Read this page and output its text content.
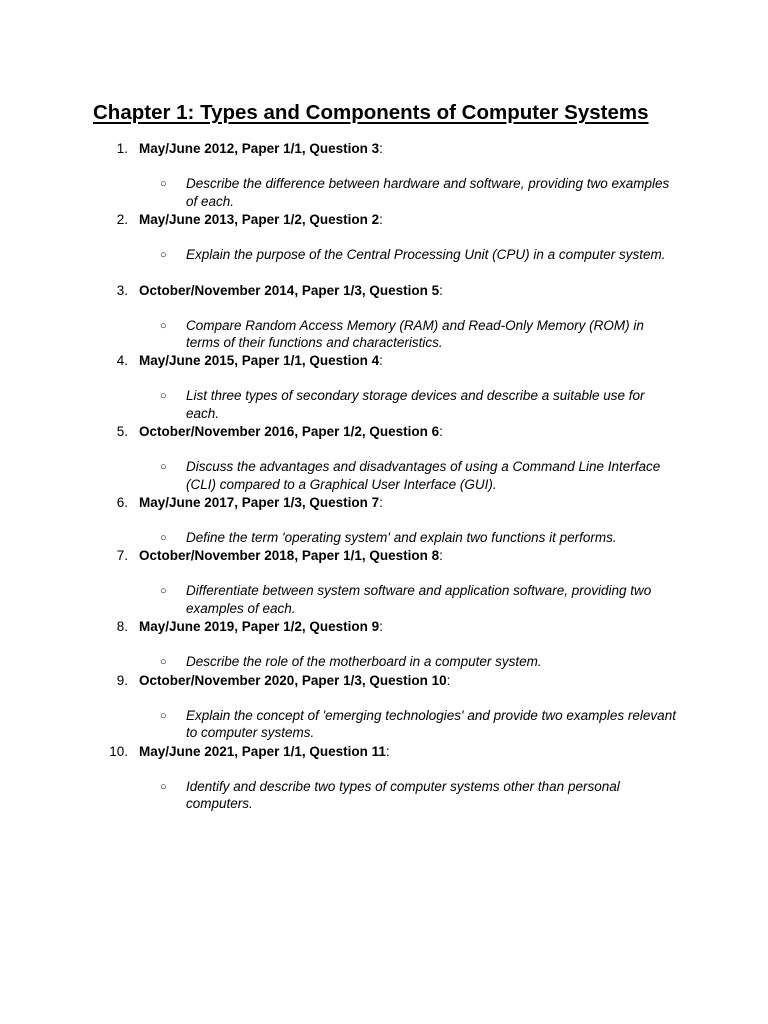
Chapter 1: Types and Components of Computer Systems
1. May/June 2012, Paper 1/1, Question 3:
○ Describe the difference between hardware and software, providing two examples of each.
2. May/June 2013, Paper 1/2, Question 2:
○ Explain the purpose of the Central Processing Unit (CPU) in a computer system.
3. October/November 2014, Paper 1/3, Question 5:
○ Compare Random Access Memory (RAM) and Read-Only Memory (ROM) in terms of their functions and characteristics.
4. May/June 2015, Paper 1/1, Question 4:
○ List three types of secondary storage devices and describe a suitable use for each.
5. October/November 2016, Paper 1/2, Question 6:
○ Discuss the advantages and disadvantages of using a Command Line Interface (CLI) compared to a Graphical User Interface (GUI).
6. May/June 2017, Paper 1/3, Question 7:
○ Define the term 'operating system' and explain two functions it performs.
7. October/November 2018, Paper 1/1, Question 8:
○ Differentiate between system software and application software, providing two examples of each.
8. May/June 2019, Paper 1/2, Question 9:
○ Describe the role of the motherboard in a computer system.
9. October/November 2020, Paper 1/3, Question 10:
○ Explain the concept of 'emerging technologies' and provide two examples relevant to computer systems.
10. May/June 2021, Paper 1/1, Question 11:
○ Identify and describe two types of computer systems other than personal computers.
